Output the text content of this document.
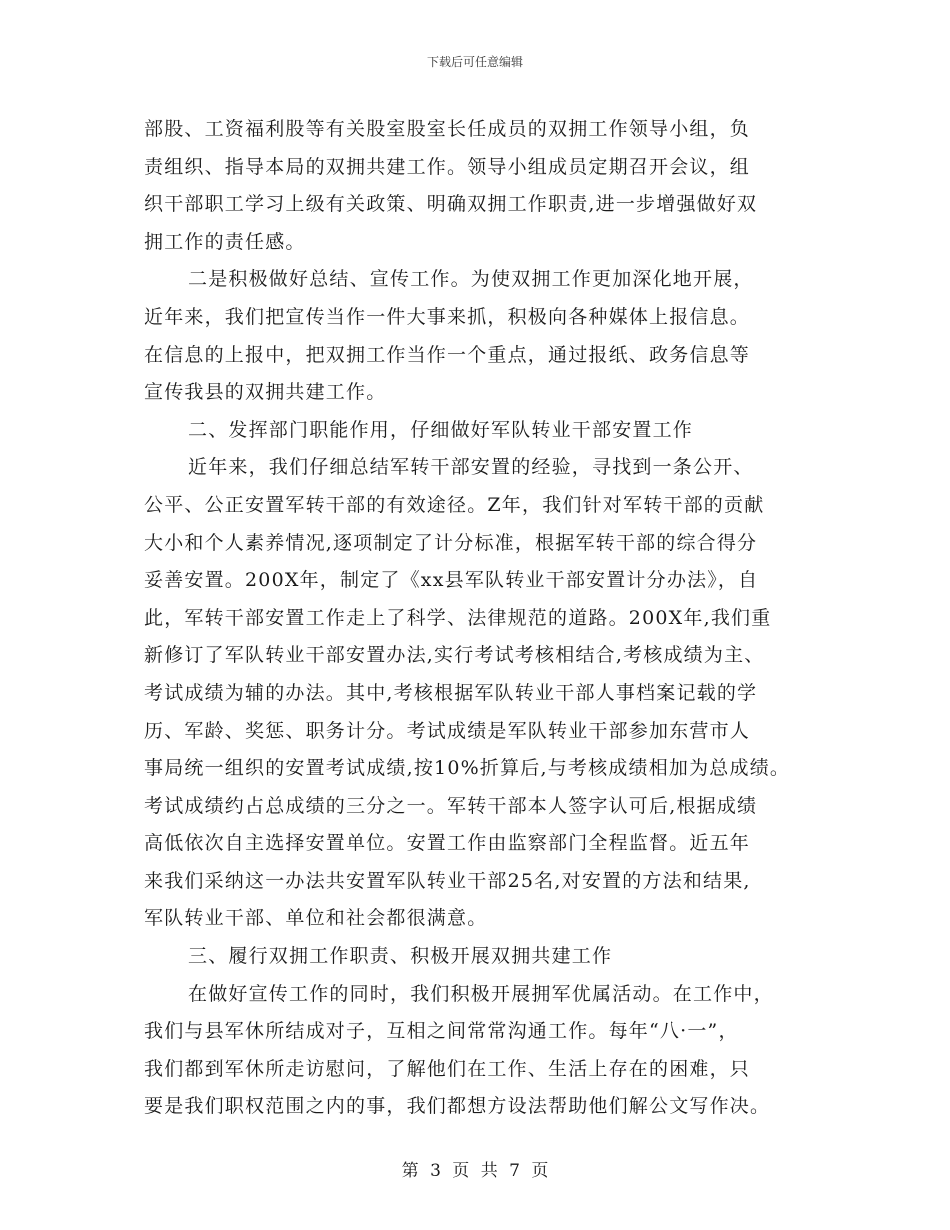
下载后可任意编辑
部股、工资福利股等有关股室股室长任成员的双拥工作领导小组，负
责组织、指导本局的双拥共建工作。领导小组成员定期召开会议，组
织干部职工学习上级有关政策、明确双拥工作职责,进一步增强做好双
拥工作的责任感。
二是积极做好总结、宣传工作。为使双拥工作更加深化地开展，
近年来，我们把宣传当作一件大事来抓，积极向各种媒体上报信息。
在信息的上报中，把双拥工作当作一个重点，通过报纸、政务信息等
宣传我县的双拥共建工作。
二、发挥部门职能作用，仔细做好军队转业干部安置工作
近年来，我们仔细总结军转干部安置的经验，寻找到一条公开、
公平、公正安置军转干部的有效途径。Z年，我们针对军转干部的贡献
大小和个人素养情况,逐项制定了计分标准，根据军转干部的综合得分
妥善安置。200X年，制定了《xx县军队转业干部安置计分办法》，自
此，军转干部安置工作走上了科学、法律规范的道路。200X年,我们重
新修订了军队转业干部安置办法,实行考试考核相结合,考核成绩为主、
考试成绩为辅的办法。其中,考核根据军队转业干部人事档案记载的学
历、军龄、奖惩、职务计分。考试成绩是军队转业干部参加东营市人
事局统一组织的安置考试成绩,按10%折算后,与考核成绩相加为总成绩。
考试成绩约占总成绩的三分之一。军转干部本人签字认可后,根据成绩
高低依次自主选择安置单位。安置工作由监察部门全程监督。近五年
来我们采纳这一办法共安置军队转业干部25名,对安置的方法和结果,
军队转业干部、单位和社会都很满意。
三、履行双拥工作职责、积极开展双拥共建工作
在做好宣传工作的同时，我们积极开展拥军优属活动。在工作中，
我们与县军休所结成对子，互相之间常常沟通工作。每年“八·一”，
我们都到军休所走访慰问，了解他们在工作、生活上存在的困难，只
要是我们职权范围之内的事，我们都想方设法帮助他们解公文写作决。
第 3 页 共 7 页
